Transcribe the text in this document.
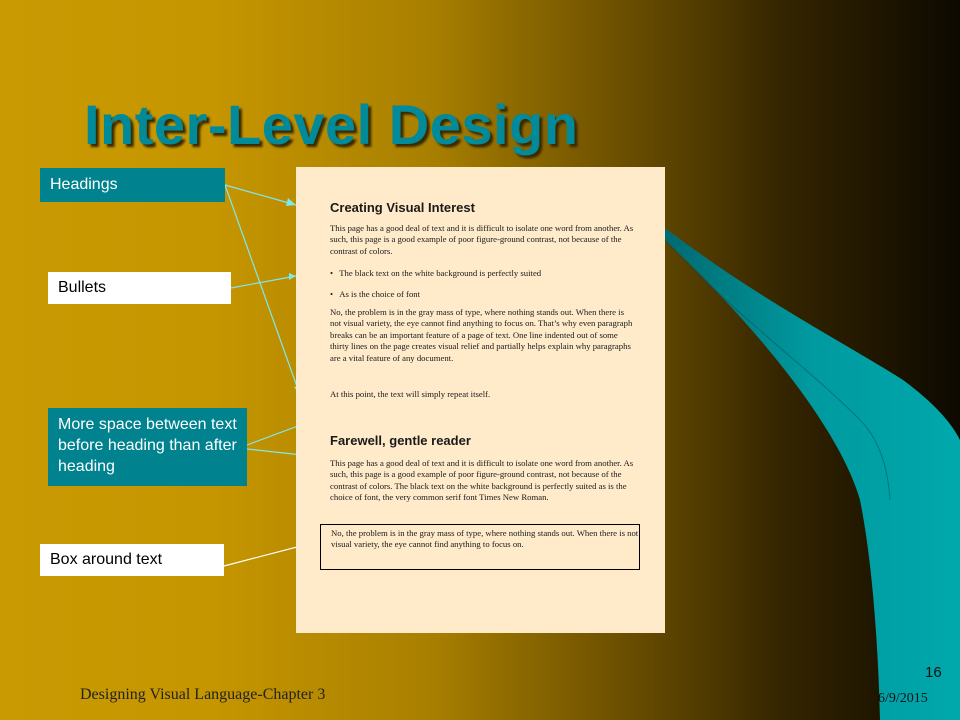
Inter-Level Design
Headings
Bullets
More space between text before heading than after heading
Box around text
Creating Visual Interest
This page has a good deal of text and it is difficult to isolate one word from another. As such, this page is a good example of poor figure-ground contrast, not because of the contrast of colors.
• The black text on the white background is perfectly suited
• As is the choice of font
No, the problem is in the gray mass of type, where nothing stands out. When there is not visual variety, the eye cannot find anything to focus on. That’s why even paragraph breaks can be an important feature of a page of text. One line indented out of some thirty lines on the page creates visual relief and partially helps explain why paragraphs are a vital feature of any document.
At this point, the text will simply repeat itself.
Farewell, gentle reader
This page has a good deal of text and it is difficult to isolate one word from another. As such, this page is a good example of poor figure-ground contrast, not because of the contrast of colors. The black text on the white background is perfectly suited as is the choice of font, the very common serif font Times New Roman.
No, the problem is in the gray mass of type, where nothing stands out. When there is not visual variety, the eye cannot find anything to focus on.
Designing Visual Language-Chapter 3
16
6/9/2015
